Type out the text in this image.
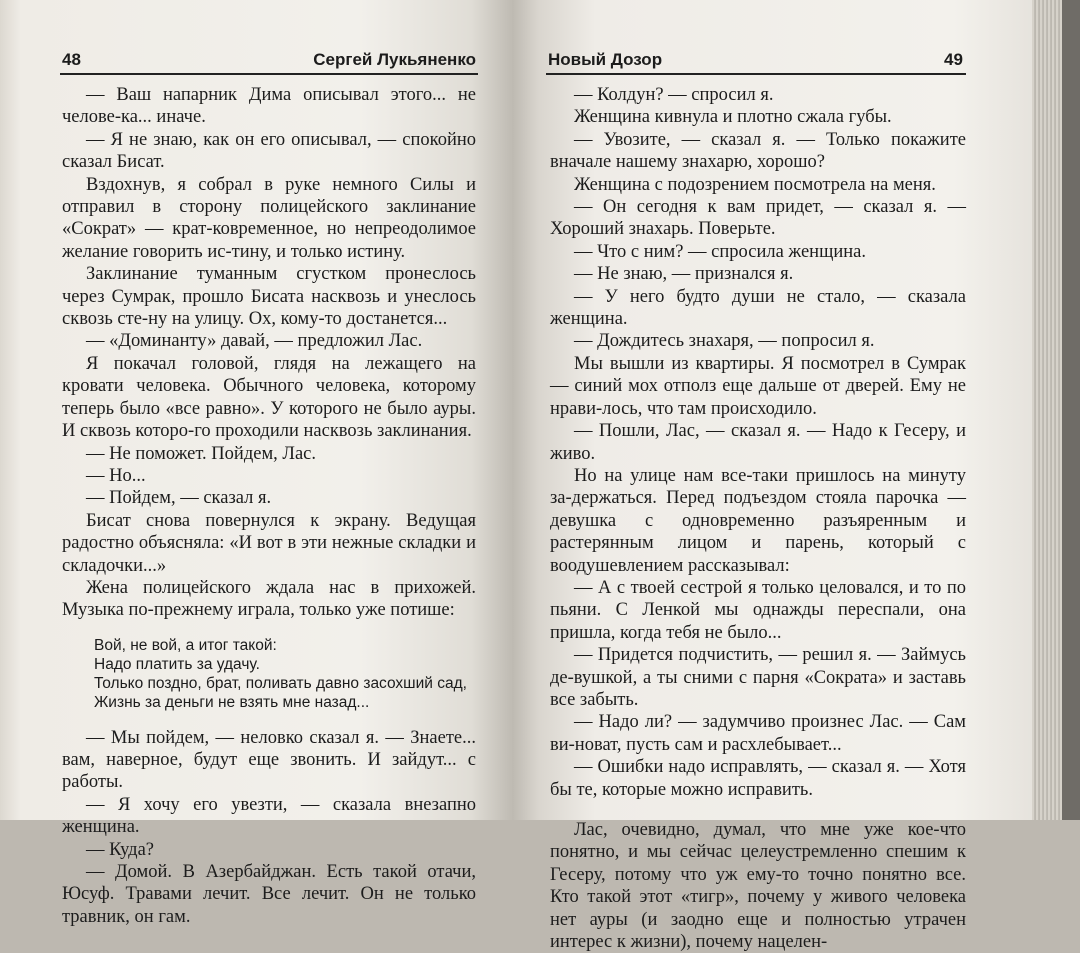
48	Сергей Лукьяненко

— Ваш напарник Дима описывал этого... не челове-ка... иначе.

— Я не знаю, как он его описывал, — спокойно сказал Бисат.

Вздохнув, я собрал в руке немного Силы и отправил в сторону полицейского заклинание «Сократ» — крат-ковременное, но непреодолимое желание говорить ис-тину, и только истину.

Заклинание туманным сгустком пронеслось через Сумрак, прошло Бисата насквозь и унеслось сквозь сте-ну на улицу. Ох, кому-то достанется...

— «Доминанту» давай, — предложил Лас.

Я покачал головой, глядя на лежащего на кровати человека. Обычного человека, которому теперь было «все равно». У которого не было ауры. И сквозь которо-го проходили насквозь заклинания.

— Не поможет. Пойдем, Лас.

— Но...

— Пойдем, — сказал я.

Бисат снова повернулся к экрану. Ведущая радостно объясняла: «И вот в эти нежные складки и складочки...»

Жена полицейского ждала нас в прихожей. Музыка по-прежнему играла, только уже потише:

Вой, не вой, а итог такой:
Надо платить за удачу.
Только поздно, брат, поливать давно засохший сад,
Жизнь за деньги не взять мне назад...

— Мы пойдем, — неловко сказал я. — Знаете... вам, наверное, будут еще звонить. И зайдут... с работы.

— Я хочу его увезти, — сказала внезапно женщина.

— Куда?

— Домой. В Азербайджан. Есть такой отачи, Юсуф. Травами лечит. Все лечит. Он не только травник, он гам.

Новый Дозор	49

— Колдун? — спросил я.

Женщина кивнула и плотно сжала губы.

— Увозите, — сказал я. — Только покажите вначале нашему знахарю, хорошо?

Женщина с подозрением посмотрела на меня.

— Он сегодня к вам придет, — сказал я. — Хороший знахарь. Поверьте.

— Что с ним? — спросила женщина.

— Не знаю, — признался я.

— У него будто души не стало, — сказала женщина.

— Дождитесь знахаря, — попросил я.

Мы вышли из квартиры. Я посмотрел в Сумрак — синий мох отполз еще дальше от дверей. Ему не нрави-лось, что там происходило.

— Пошли, Лас, — сказал я. — Надо к Гесеру, и живо.

Но на улице нам все-таки пришлось на минуту за-держаться. Перед подъездом стояла парочка — девушка с одновременно разъяренным и растерянным лицом и парень, который с воодушевлением рассказывал:

— А с твоей сестрой я только целовался, и то по пьяни. С Ленкой мы однажды переспали, она пришла, когда тебя не было...

— Придется подчистить, — решил я. — Займусь де-вушкой, а ты сними с парня «Сократа» и заставь все забыть.

— Надо ли? — задумчиво произнес Лас. — Сам ви-новат, пусть сам и расхлебывает...

— Ошибки надо исправлять, — сказал я. — Хотя бы те, которые можно исправить.

Лас, очевидно, думал, что мне уже кое-что понятно, и мы сейчас целеустремленно спешим к Гесеру, потому что уж ему-то точно понятно все. Кто такой этот «тигр», почему у живого человека нет ауры (и заодно еще и полностью утрачен интерес к жизни), почему нацелен-
